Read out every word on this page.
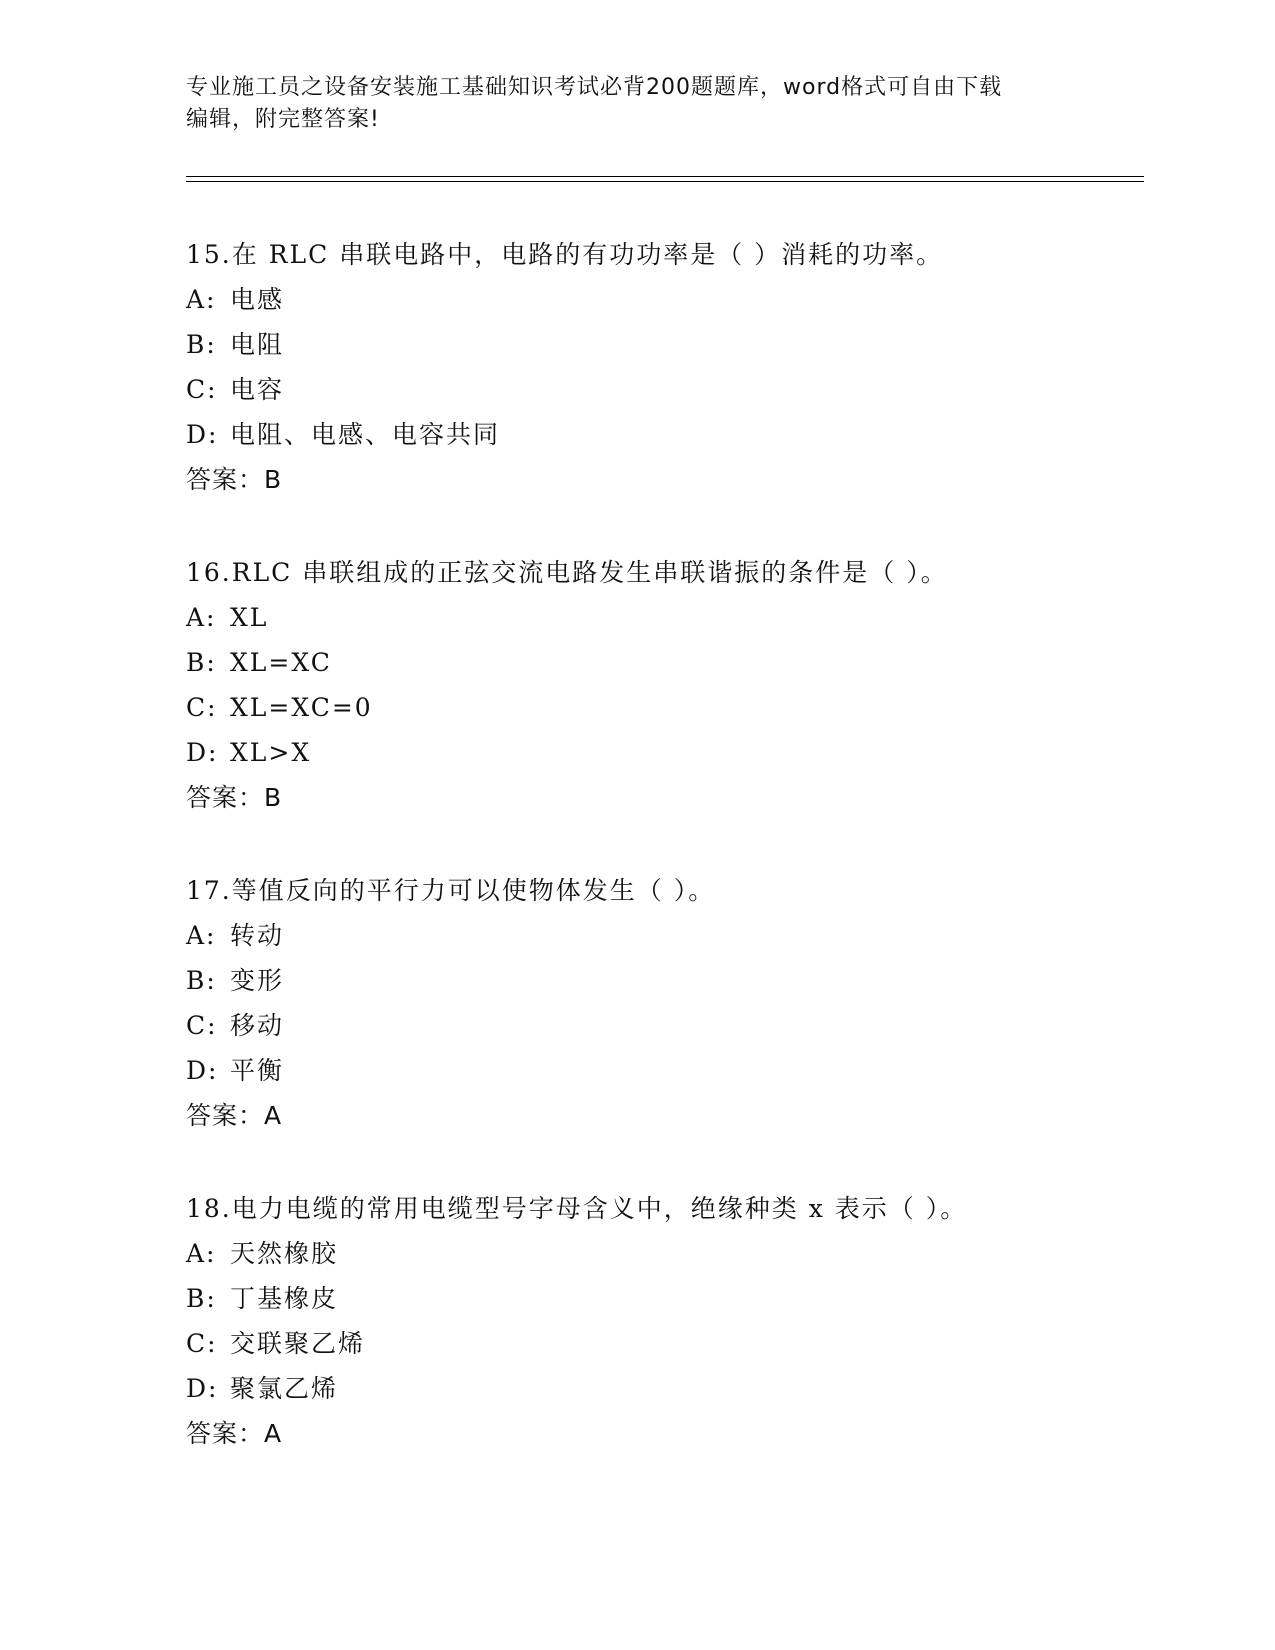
专业施工员之设备安装施工基础知识考试必背200题题库，word格式可自由下载
编辑，附完整答案!
15.在 RLC 串联电路中，电路的有功功率是（ ）消耗的功率。
A: 电感
B: 电阻
C: 电容
D: 电阻、电感、电容共同
答案：B
16.RLC 串联组成的正弦交流电路发生串联谐振的条件是（ ）。
A: XL
B: XL=XC
C: XL=XC=0
D: XL>X
答案：B
17.等值反向的平行力可以使物体发生（ ）。
A: 转动
B: 变形
C: 移动
D: 平衡
答案：A
18.电力电缆的常用电缆型号字母含义中，绝缘种类 x 表示（ ）。
A: 天然橡胶
B: 丁基橡皮
C: 交联聚乙烯
D: 聚氯乙烯
答案：A
